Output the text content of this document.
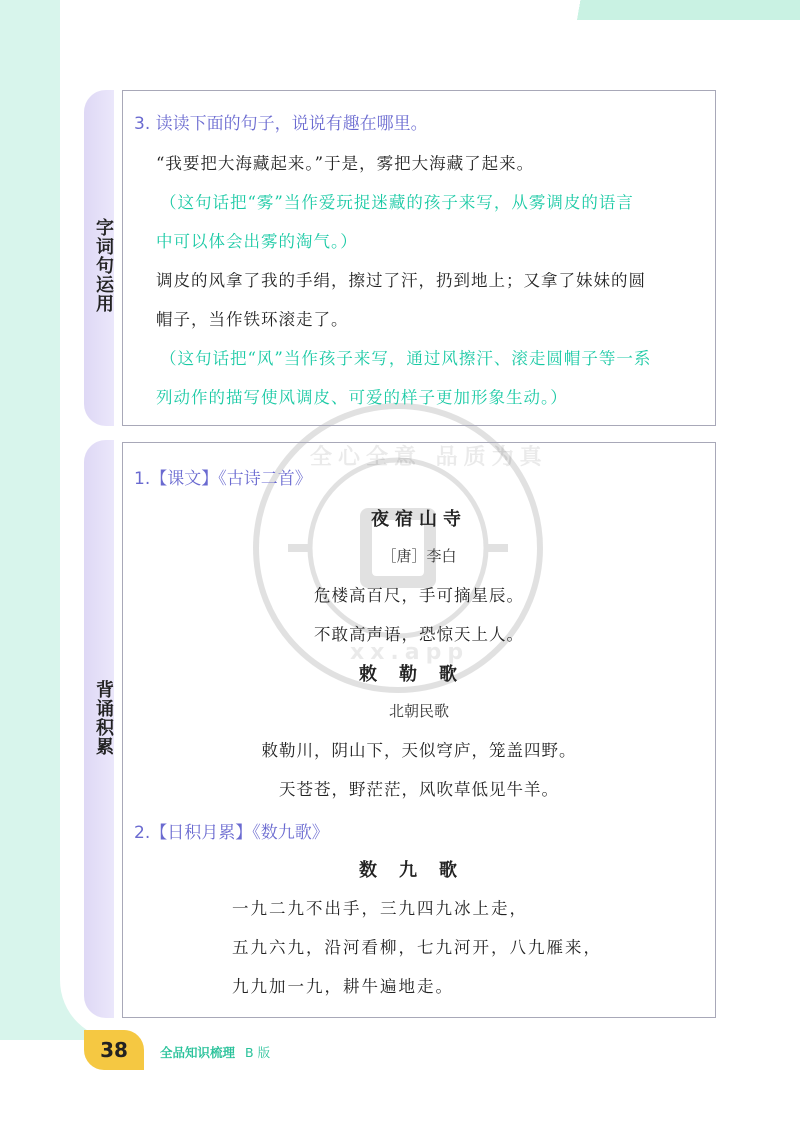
全心全意 品质为真
xx.app
字词句运用
背诵积累
3. 读读下面的句子，说说有趣在哪里。
“我要把大海藏起来。”于是，雾把大海藏了起来。
（这句话把“雾”当作爱玩捉迷藏的孩子来写，从雾调皮的语言
中可以体会出雾的淘气。）
调皮的风拿了我的手绢，擦过了汗，扔到地上；又拿了妹妹的圆
帽子，当作铁环滚走了。
（这句话把“风”当作孩子来写，通过风擦汗、滚走圆帽子等一系
列动作的描写使风调皮、可爱的样子更加形象生动。）
1.【课文】《古诗二首》
夜宿山寺
［唐］李白
危楼高百尺，手可摘星辰。
不敢高声语，恐惊天上人。
敕勒歌
北朝民歌
敕勒川，阴山下，天似穹庐，笼盖四野。
天苍苍，野茫茫，风吹草低见牛羊。
2.【日积月累】《数九歌》
数九歌
一九二九不出手，三九四九冰上走，
五九六九，沿河看柳，七九河开，八九雁来，
九九加一九，耕牛遍地走。
38	全品知识梳理 B 版
